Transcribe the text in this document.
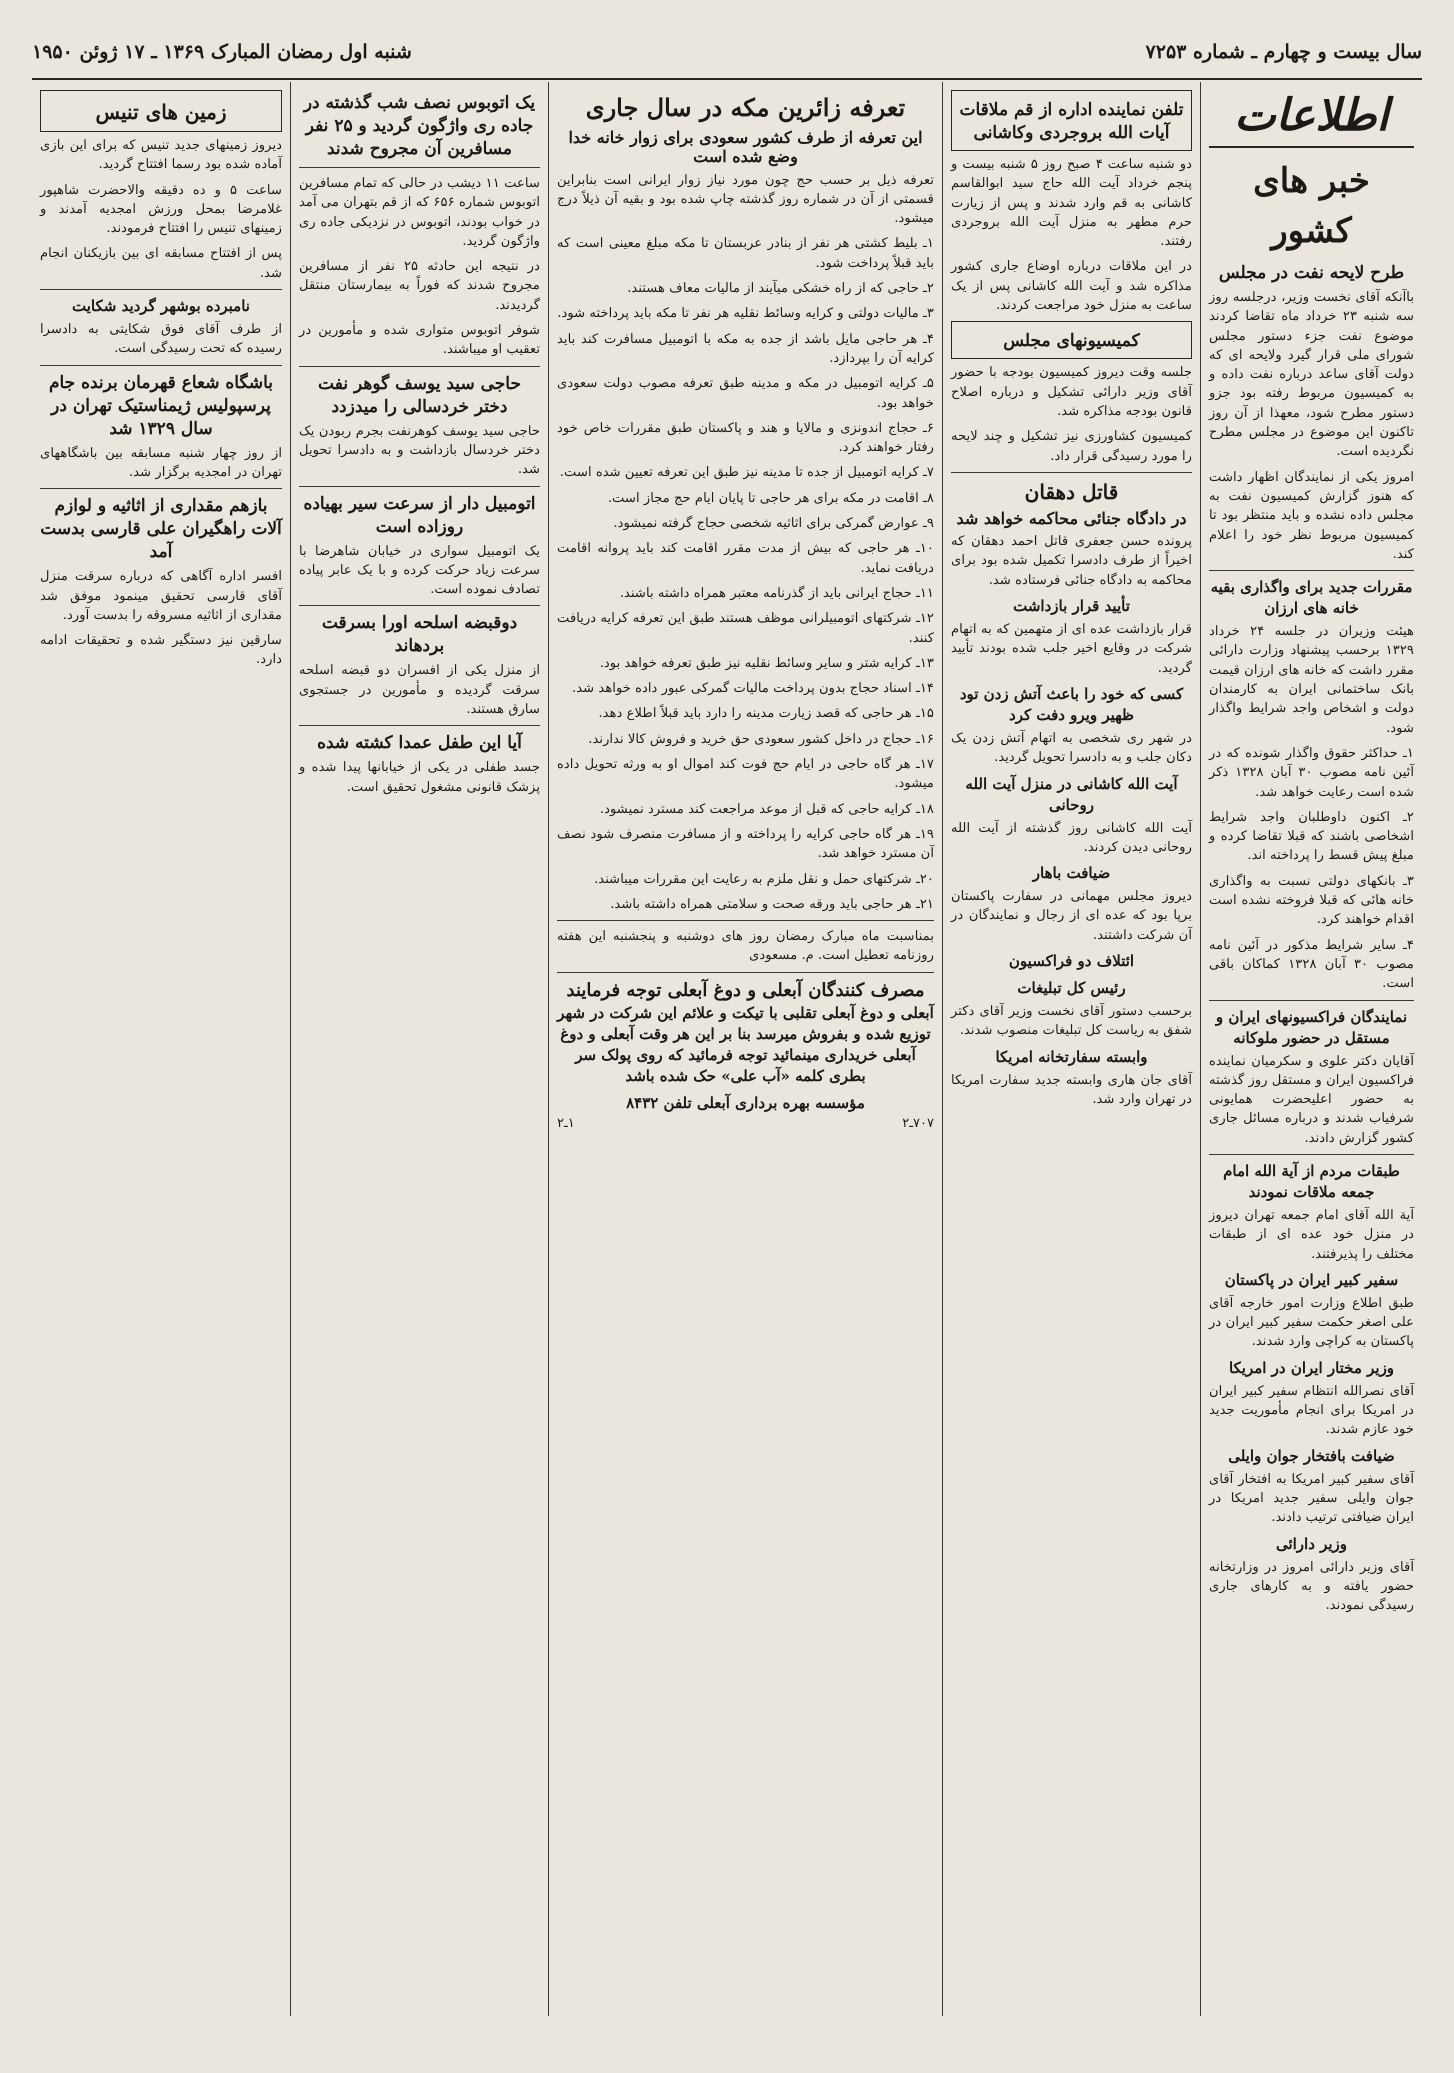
سال بیست و چهارم ـ شماره ۷۲۵۳
شنبه اول رمضان المبارک ۱۳۶۹ ـ ۱۷ ژوئن ۱۹۵۰
اطلاعات
خبر های کشور
طرح لایحه نفت در مجلس

باآنکه آقای نخست وزیر، درجلسه روز سه شنبه ۲۳ خرداد ماه تقاضا کردند موضوع نفت جزء دستور مجلس شورای ملی قرار گیرد ولایحه ای که دولت آقای ساعد درباره نفت داده و به کمیسیون مربوط رفته بود جزو دستور مطرح شود، معهذا از آن روز تاکنون این موضوع در مجلس مطرح نگردیده است.

امروز یکی از نمایندگان اظهار داشت که هنوز گزارش کمیسیون نفت به مجلس داده نشده و باید منتظر بود تا کمیسیون مربوط نظر خود را اعلام کند.

مقررات جدید برای واگذاری بقیه خانه های ارزان

هیئت وزیران در جلسه ۲۴ خرداد ۱۳۲۹ برحسب پیشنهاد وزارت دارائی مقرر داشت که خانه های ارزان قیمت بانک ساختمانی ایران به کارمندان دولت و اشخاص واجد شرایط واگذار شود.

۱ـ حداکثر حقوق واگذار شونده که در آئین نامه مصوب ۳۰ آبان ۱۳۲۸ ذکر شده است رعایت خواهد شد.

۲ـ اکنون داوطلبان واجد شرایط اشخاصی باشند که قبلا تقاضا کرده و مبلغ پیش قسط را پرداخته اند.

۳ـ بانکهای دولتی نسبت به واگذاری خانه هائی که قبلا فروخته نشده است اقدام خواهند کرد.

۴ـ سایر شرایط مذکور در آئین نامه مصوب ۳۰ آبان ۱۳۲۸ کماکان باقی است.

نمایندگان فراکسیونهای ایران و مستقل در حضور ملوکانه

آقایان دکتر علوی و سکرمیان نماینده فراکسیون ایران و مستقل روز گذشته به حضور اعلیحضرت همایونی شرفیاب شدند و درباره مسائل جاری کشور گزارش دادند.

طبقات مردم از آیة الله امام جمعه ملاقات نمودند

آیة الله آقای امام جمعه تهران دیروز در منزل خود عده ای از طبقات مختلف را پذیرفتند.

سفیر کبیر ایران در پاکستان

طبق اطلاع وزارت امور خارجه آقای علی اصغر حکمت سفیر کبیر ایران در پاکستان به کراچی وارد شدند.

وزیر مختار ایران در امریکا

آقای نصرالله انتظام سفیر کبیر ایران در امریکا برای انجام مأموریت جدید خود عازم شدند.

ضیافت بافتخار جوان وایلی

آقای سفیر کبیر امریکا به افتخار آقای جوان وایلی سفیر جدید امریکا در ایران ضیافتی ترتیب دادند.

وزیر دارائی

آقای وزیر دارائی امروز در وزارتخانه حضور یافته و به کارهای جاری رسیدگی نمودند.

تلفن نماینده اداره از قم ملاقات آیات الله بروجردی وکاشانی

دو شنبه ساعت ۴ صبح روز ۵ شنبه بیست و پنجم خرداد آیت الله حاج سید ابوالقاسم کاشانی به قم وارد شدند و پس از زیارت حرم مطهر به منزل آیت الله بروجردی رفتند.

در این ملاقات درباره اوضاع جاری کشور مذاکره شد و آیت الله کاشانی پس از یک ساعت به منزل خود مراجعت کردند.

کمیسیونهای مجلس

جلسه وقت دیروز کمیسیون بودجه با حضور آقای وزیر دارائی تشکیل و درباره اصلاح قانون بودجه مذاکره شد.

کمیسیون کشاورزی نیز تشکیل و چند لایحه را مورد رسیدگی قرار داد.

قاتل دهقان
در دادگاه جنائی محاکمه خواهد شد

پرونده حسن جعفری قاتل احمد دهقان که اخیراً از طرف دادسرا تکمیل شده بود برای محاکمه به دادگاه جنائی فرستاده شد.

تأیید قرار بازداشت

قرار بازداشت عده ای از متهمین که به اتهام شرکت در وقایع اخیر جلب شده بودند تأیید گردید.

کسی که خود را باعث آتش زدن تود ظهیر ویرو دفت کرد

در شهر ری شخصی به اتهام آتش زدن یک دکان جلب و به دادسرا تحویل گردید.

آیت الله کاشانی در منزل آیت الله روحانی

آیت الله کاشانی روز گذشته از آیت الله روحانی دیدن کردند.

ضیافت باهار

دیروز مجلس مهمانی در سفارت پاکستان برپا بود که عده ای از رجال و نمایندگان در آن شرکت داشتند.

ائتلاف دو فراکسیون
رئیس کل تبلیغات

برحسب دستور آقای نخست وزیر آقای دکتر شفق به ریاست کل تبلیغات منصوب شدند.

وابسته سفارتخانه امریکا

آقای جان هاری وابسته جدید سفارت امریکا در تهران وارد شد.

تعرفه زائرین مکه در سال جاری
این تعرفه از طرف کشور سعودی برای زوار خانه خدا وضع شده است

تعرفه ذیل بر حسب حج چون مورد نیاز زوار ایرانی است بنابراین قسمتی از آن در شماره روز گذشته چاپ شده بود و بقیه آن ذیلاً درج میشود.

۱ـ بلیط کشتی هر نفر از بنادر عربستان تا مکه مبلغ معینی است که باید قبلاً پرداخت شود.

۲ـ حاجی که از راه خشکی میآیند از مالیات معاف هستند.

۳ـ مالیات دولتی و کرایه وسائط نقلیه هر نفر تا مکه باید پرداخته شود.

۴ـ هر حاجی مایل باشد از جده به مکه با اتومبیل مسافرت کند باید کرایه آن را بپردازد.

۵ـ کرایه اتومبیل در مکه و مدینه طبق تعرفه مصوب دولت سعودی خواهد بود.

۶ـ حجاج اندونزی و مالایا و هند و پاکستان طبق مقررات خاص خود رفتار خواهند کرد.

۷ـ کرایه اتومبیل از جده تا مدینه نیز طبق این تعرفه تعیین شده است.

۸ـ اقامت در مکه برای هر حاجی تا پایان ایام حج مجاز است.

۹ـ عوارض گمرکی برای اثاثیه شخصی حجاج گرفته نمیشود.

۱۰ـ هر حاجی که بیش از مدت مقرر اقامت کند باید پروانه اقامت دریافت نماید.

۱۱ـ حجاج ایرانی باید از گذرنامه معتبر همراه داشته باشند.

۱۲ـ شرکتهای اتومبیلرانی موظف هستند طبق این تعرفه کرایه دریافت کنند.

۱۳ـ کرایه شتر و سایر وسائط نقلیه نیز طبق تعرفه خواهد بود.

۱۴ـ اسناد حجاج بدون پرداخت مالیات گمرکی عبور داده خواهد شد.

۱۵ـ هر حاجی که قصد زیارت مدینه را دارد باید قبلاً اطلاع دهد.

۱۶ـ حجاج در داخل کشور سعودی حق خرید و فروش کالا ندارند.

۱۷ـ هر گاه حاجی در ایام حج فوت کند اموال او به ورثه تحویل داده میشود.

۱۸ـ کرایه حاجی که قبل از موعد مراجعت کند مسترد نمیشود.

۱۹ـ هر گاه حاجی کرایه را پرداخته و از مسافرت منصرف شود نصف آن مسترد خواهد شد.

۲۰ـ شرکتهای حمل و نقل ملزم به رعایت این مقررات میباشند.

۲۱ـ هر حاجی باید ورقه صحت و سلامتی همراه داشته باشد.

بمناسبت ماه مبارک رمضان روز های دوشنبه و پنجشنبه این هفته روزنامه تعطیل است. م. مسعودی

مصرف کنندگان آبعلی و دوغ آبعلی توجه فرمایند

آبعلی و دوغ آبعلی تقلبی با تیکت و علائم این شرکت در شهر توزیع شده و بفروش میرسد بنا بر این هر وقت آبعلی و دوغ آبعلی خریداری مینمائید توجه فرمائید که روی پولک سر بطری کلمه «آب علی» حک شده باشد

مؤسسه بهره برداری آبعلی تلفن ۸۴۳۲
۷۰۷ـ۲
۱ـ۲
یک اتوبوس نصف شب گذشته در جاده ری واژگون گردید و ۲۵ نفر مسافرین آن مجروح شدند

ساعت ۱۱ دیشب در حالی که تمام مسافرین اتوبوس شماره ۶۵۶ که از قم بتهران می آمد در خواب بودند، اتوبوس در نزدیکی جاده ری واژگون گردید.

در نتیجه این حادثه ۲۵ نفر از مسافرین مجروح شدند که فوراً به بیمارستان منتقل گردیدند.

شوفر اتوبوس متواری شده و مأمورین در تعقیب او میباشند.

حاجی سید یوسف گوهر نفت دختر خردسالی را میدزدد

حاجی سید یوسف کوهرنفت بجرم ربودن یک دختر خردسال بازداشت و به دادسرا تحویل شد.

اتومبیل دار از سرعت سیر بهیاده روزاده است

یک اتومبیل سواری در خیابان شاهرضا با سرعت زیاد حرکت کرده و با یک عابر پیاده تصادف نموده است.

دوقبضه اسلحه اورا بسرقت بردهاند

از منزل یکی از افسران دو قبضه اسلحه سرقت گردیده و مأمورین در جستجوی سارق هستند.

آیا این طفل عمدا کشته شده

جسد طفلی در یکی از خیابانها پیدا شده و پزشک قانونی مشغول تحقیق است.

زمین های تنیس

دیروز زمینهای جدید تنیس که برای این بازی آماده شده بود رسما افتتاح گردید.

ساعت ۵ و ده دقیقه والاحضرت شاهپور غلامرضا بمحل ورزش امجدیه آمدند و زمینهای تنیس را افتتاح فرمودند.

پس از افتتاح مسابقه ای بین بازیکنان انجام شد.

نامبرده بوشهر گردید شکایت

از طرف آقای فوق شکایتی به دادسرا رسیده که تحت رسیدگی است.

باشگاه شعاع قهرمان برنده جام پرسپولیس ژیمناستیک تهران در سال ۱۳۲۹ شد

از روز چهار شنبه مسابقه بین باشگاههای تهران در امجدیه برگزار شد.

بازهم مقداری از اثاثیه و لوازم آلات راهگیران علی قارسی بدست آمد

افسر اداره آگاهی که درباره سرقت منزل آقای قارسی تحقیق مینمود موفق شد مقداری از اثاثیه مسروقه را بدست آورد.

سارقین نیز دستگیر شده و تحقیقات ادامه دارد.
